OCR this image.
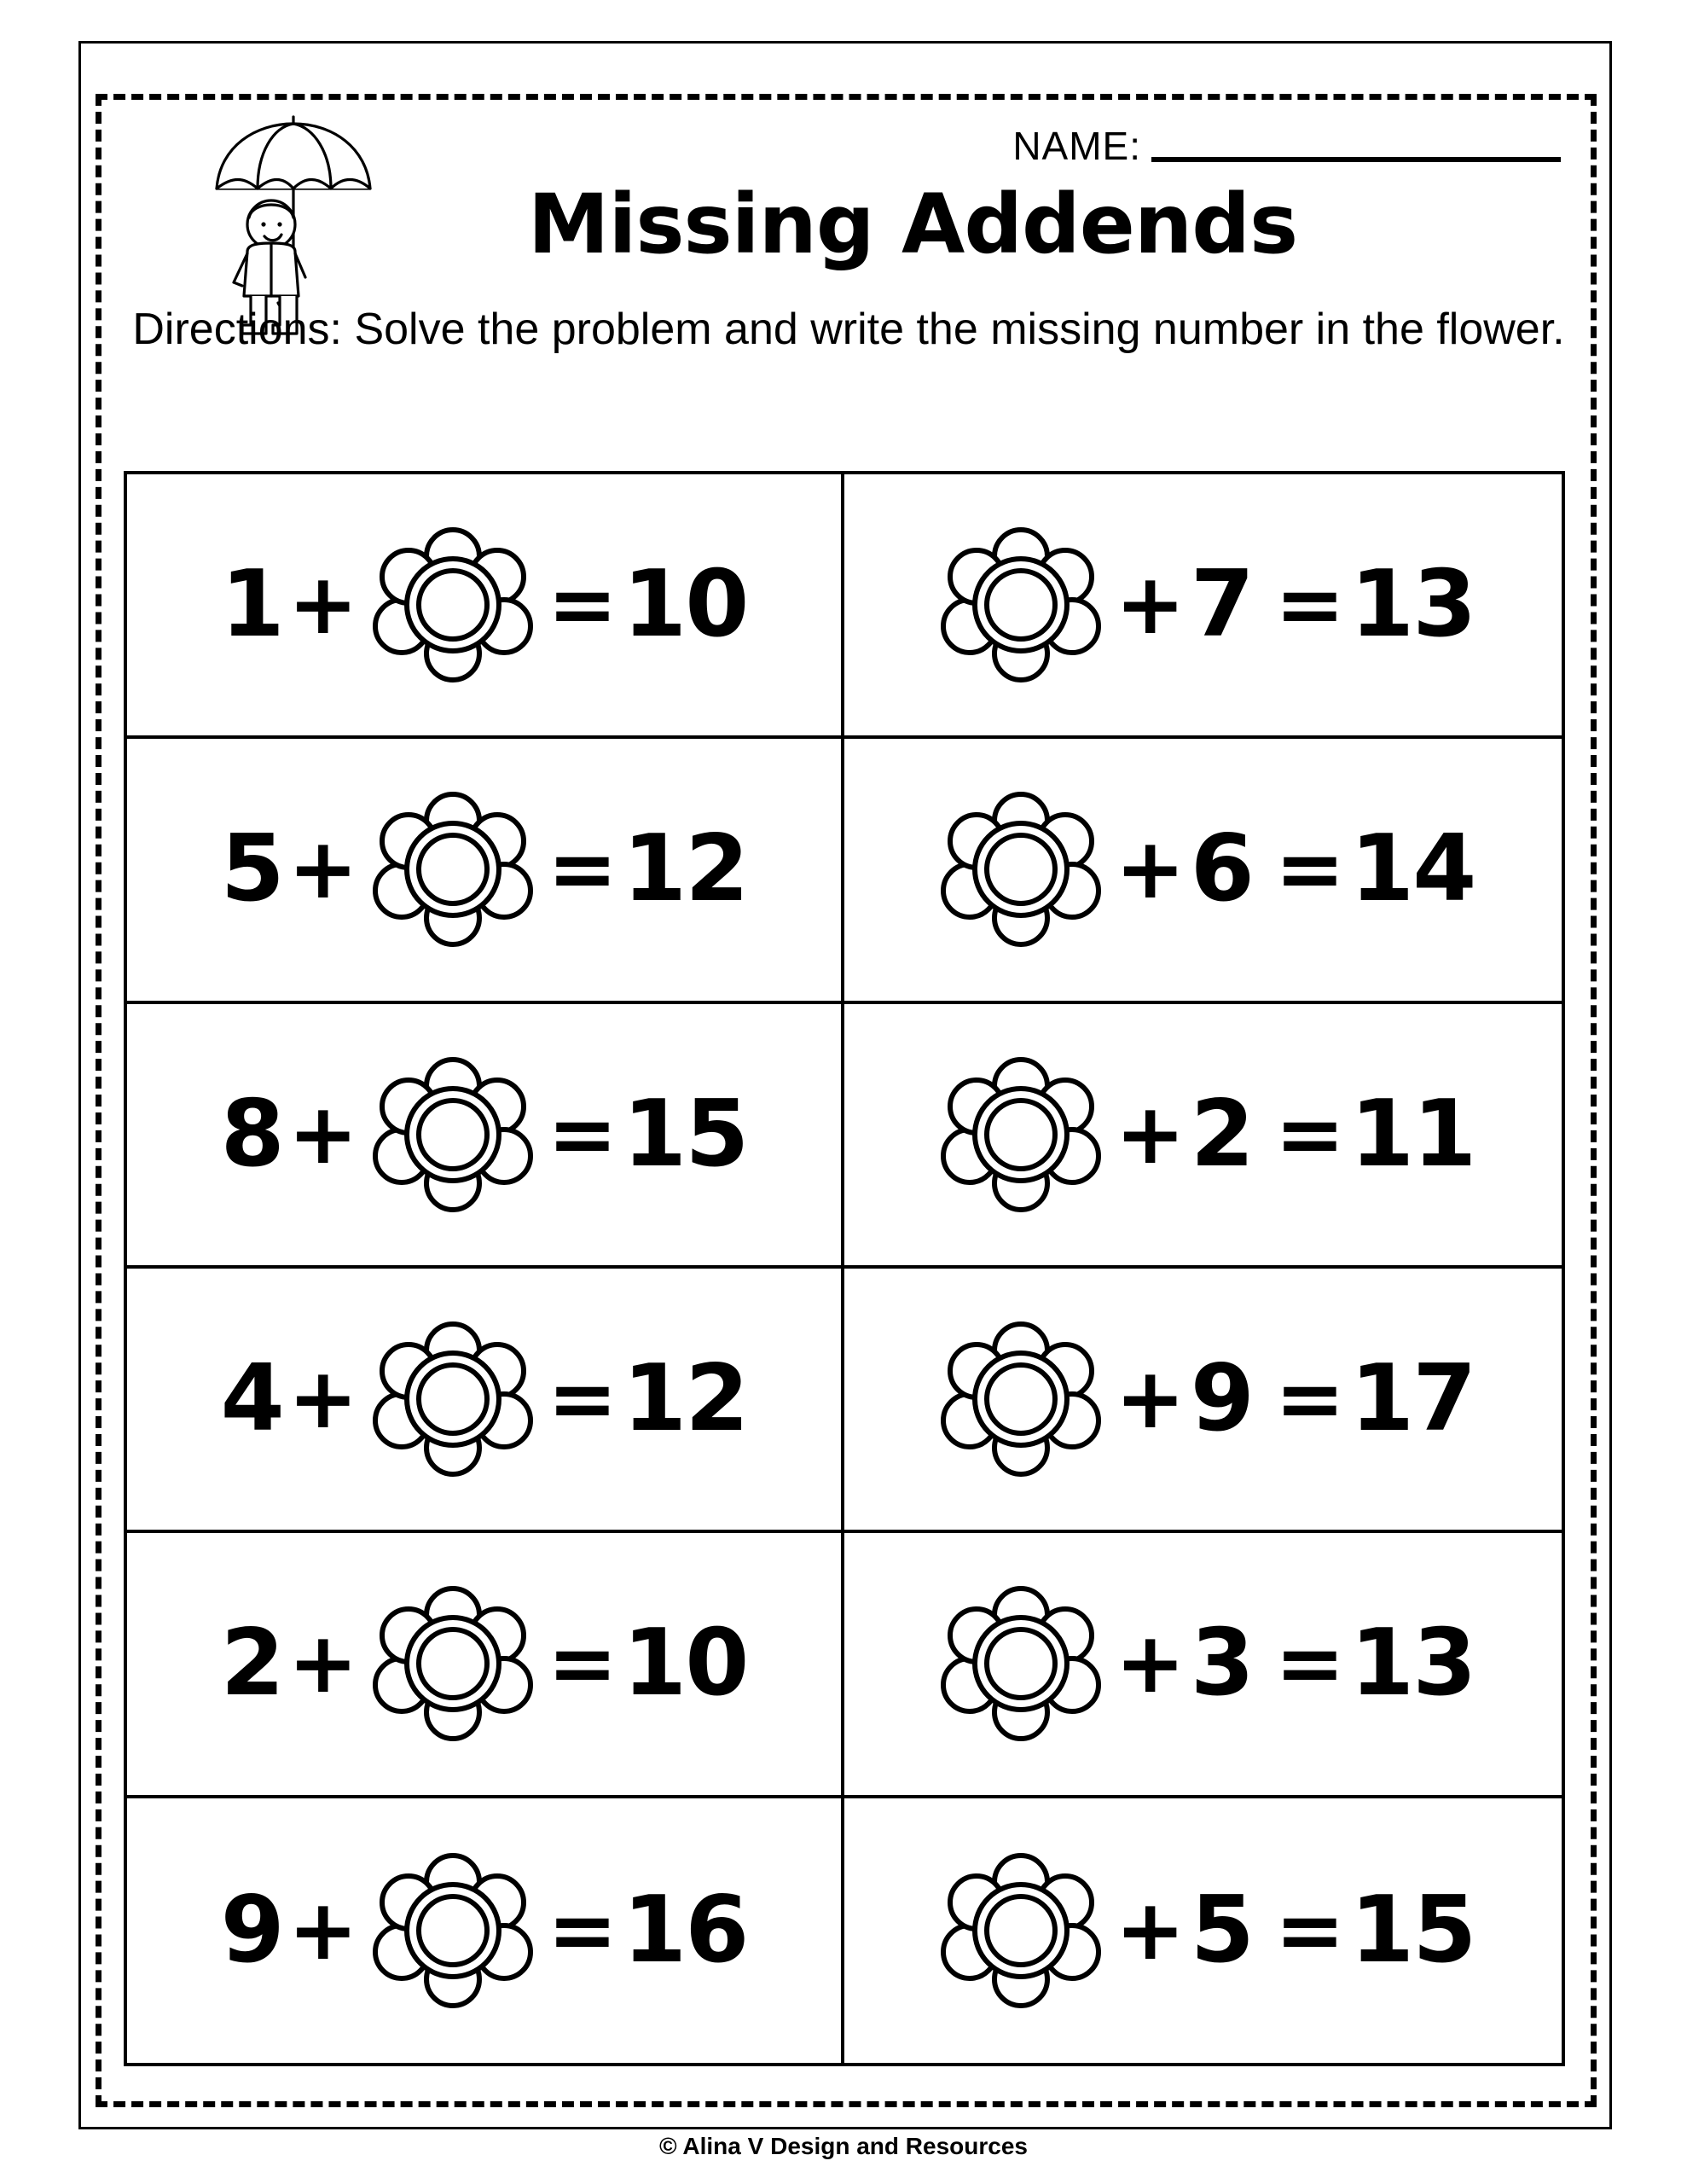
NAME:
Missing Addends
Directions: Solve the problem and write the missing number in the flower.
1 + = 10	+ 7 = 13
5 + = 12	+ 6 = 14
8 + = 15	+ 2 = 11
4 + = 12	+ 9 = 17
2 + = 10	+ 3 = 13
9 + = 16	+ 5 = 15
© Alina V Design and Resources
